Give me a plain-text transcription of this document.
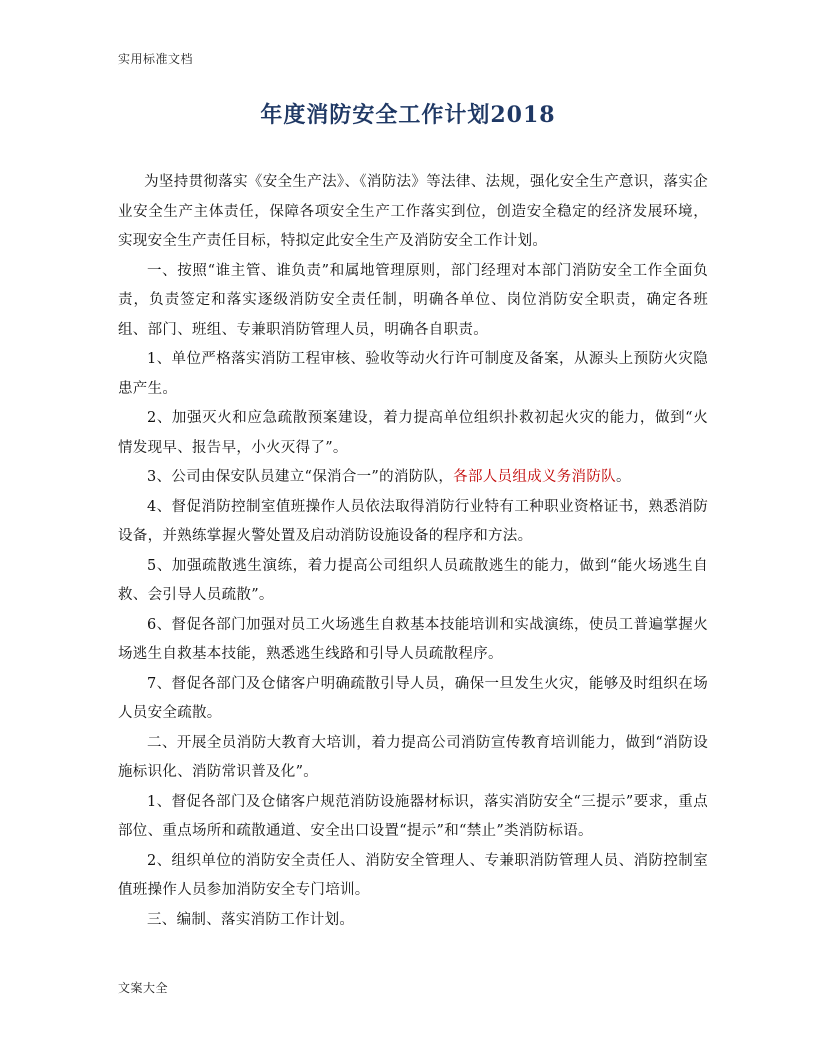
实用标准文档
年度消防安全工作计划2018

为坚持贯彻落实《安全生产法》、《消防法》等法律、法规，强化安全生产意识，落实企业安全生产主体责任，保障各项安全生产工作落实到位，创造安全稳定的经济发展环境，实现安全生产责任目标，特拟定此安全生产及消防安全工作计划。

一、按照“谁主管、谁负责”和属地管理原则，部门经理对本部门消防安全工作全面负责，负责签定和落实逐级消防安全责任制，明确各单位、岗位消防安全职责，确定各班组、部门、班组、专兼职消防管理人员，明确各自职责。

1、单位严格落实消防工程审核、验收等动火行许可制度及备案，从源头上预防火灾隐患产生。

2、加强灭火和应急疏散预案建设，着力提高单位组织扑救初起火灾的能力，做到“火情发现早、报告早，小火灭得了”。

3、公司由保安队员建立“保消合一”的消防队，各部人员组成义务消防队。

4、督促消防控制室值班操作人员依法取得消防行业特有工种职业资格证书，熟悉消防设备，并熟练掌握火警处置及启动消防设施设备的程序和方法。

5、加强疏散逃生演练，着力提高公司组织人员疏散逃生的能力，做到“能火场逃生自救、会引导人员疏散”。

6、督促各部门加强对员工火场逃生自救基本技能培训和实战演练，使员工普遍掌握火场逃生自救基本技能，熟悉逃生线路和引导人员疏散程序。

7、督促各部门及仓储客户明确疏散引导人员，确保一旦发生火灾，能够及时组织在场人员安全疏散。

二、开展全员消防大教育大培训，着力提高公司消防宣传教育培训能力，做到“消防设施标识化、消防常识普及化”。

1、督促各部门及仓储客户规范消防设施器材标识，落实消防安全“三提示”要求，重点部位、重点场所和疏散通道、安全出口设置“提示”和“禁止”类消防标语。

2、组织单位的消防安全责任人、消防安全管理人、专兼职消防管理人员、消防控制室值班操作人员参加消防安全专门培训。

三、编制、落实消防工作计划。

文案大全
